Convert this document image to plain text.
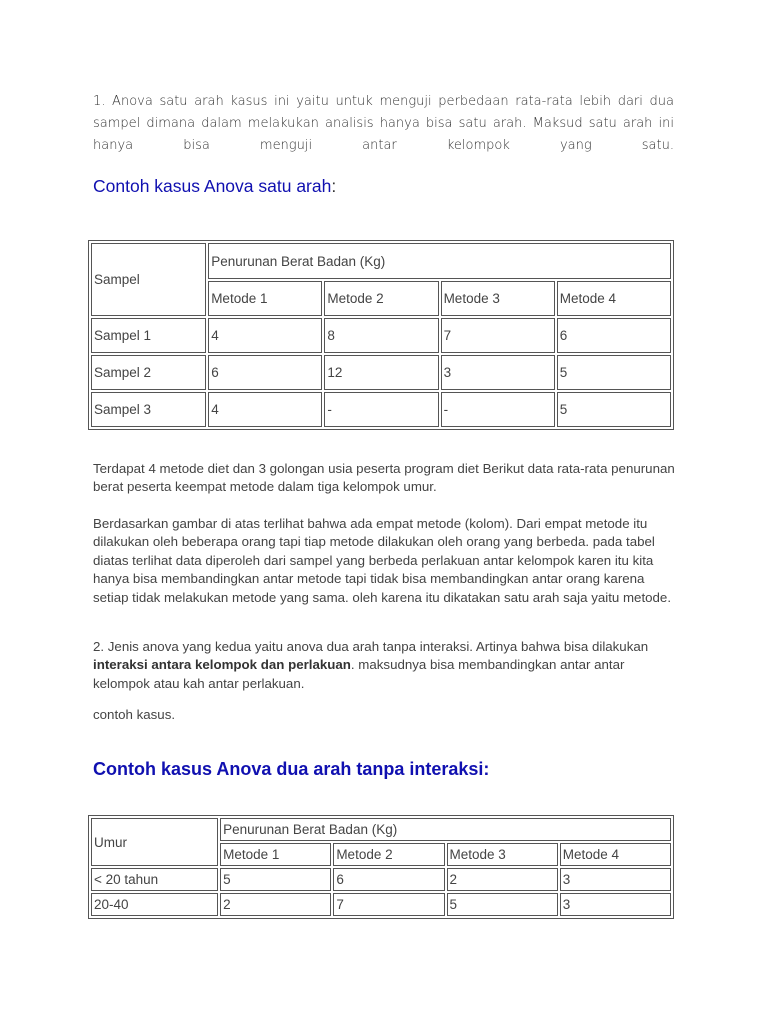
1. Anova satu arah kasus ini yaitu untuk menguji perbedaan rata-rata lebih dari dua sampel dimana dalam melakukan analisis hanya bisa satu arah. Maksud satu arah ini hanya bisa menguji antar kelompok yang satu.

Contoh kasus Anova satu arah:
Sampel	Penurunan Berat Badan (Kg)			
	Metode 1	Metode 2	Metode 3	Metode 4
Sampel 1	4	8	7	6
Sampel 2	6	12	3	5
Sampel 3	4	-	-	5

Terdapat 4 metode diet dan 3 golongan usia peserta program diet Berikut data rata-rata penurunan berat peserta keempat metode dalam tiga kelompok umur.

Berdasarkan gambar di atas terlihat bahwa ada empat metode (kolom). Dari empat metode itu dilakukan oleh beberapa orang tapi tiap metode dilakukan oleh orang yang berbeda. pada tabel diatas terlihat data diperoleh dari sampel yang berbeda perlakuan antar kelompok karen itu kita hanya bisa membandingkan antar metode tapi tidak bisa membandingkan antar orang karena setiap tidak melakukan metode yang sama. oleh karena itu dikatakan satu arah saja yaitu metode.

2. Jenis anova yang kedua yaitu anova dua arah tanpa interaksi. Artinya bahwa bisa dilakukan interaksi antara kelompok dan perlakuan. maksudnya bisa membandingkan antar antar kelompok atau kah antar perlakuan.

contoh kasus.

Contoh kasus Anova dua arah tanpa interaksi:
Umur	Penurunan Berat Badan (Kg)			
	Metode 1	Metode 2	Metode 3	Metode 4
< 20 tahun	5	6	2	3
20-40	2	7	5	3
